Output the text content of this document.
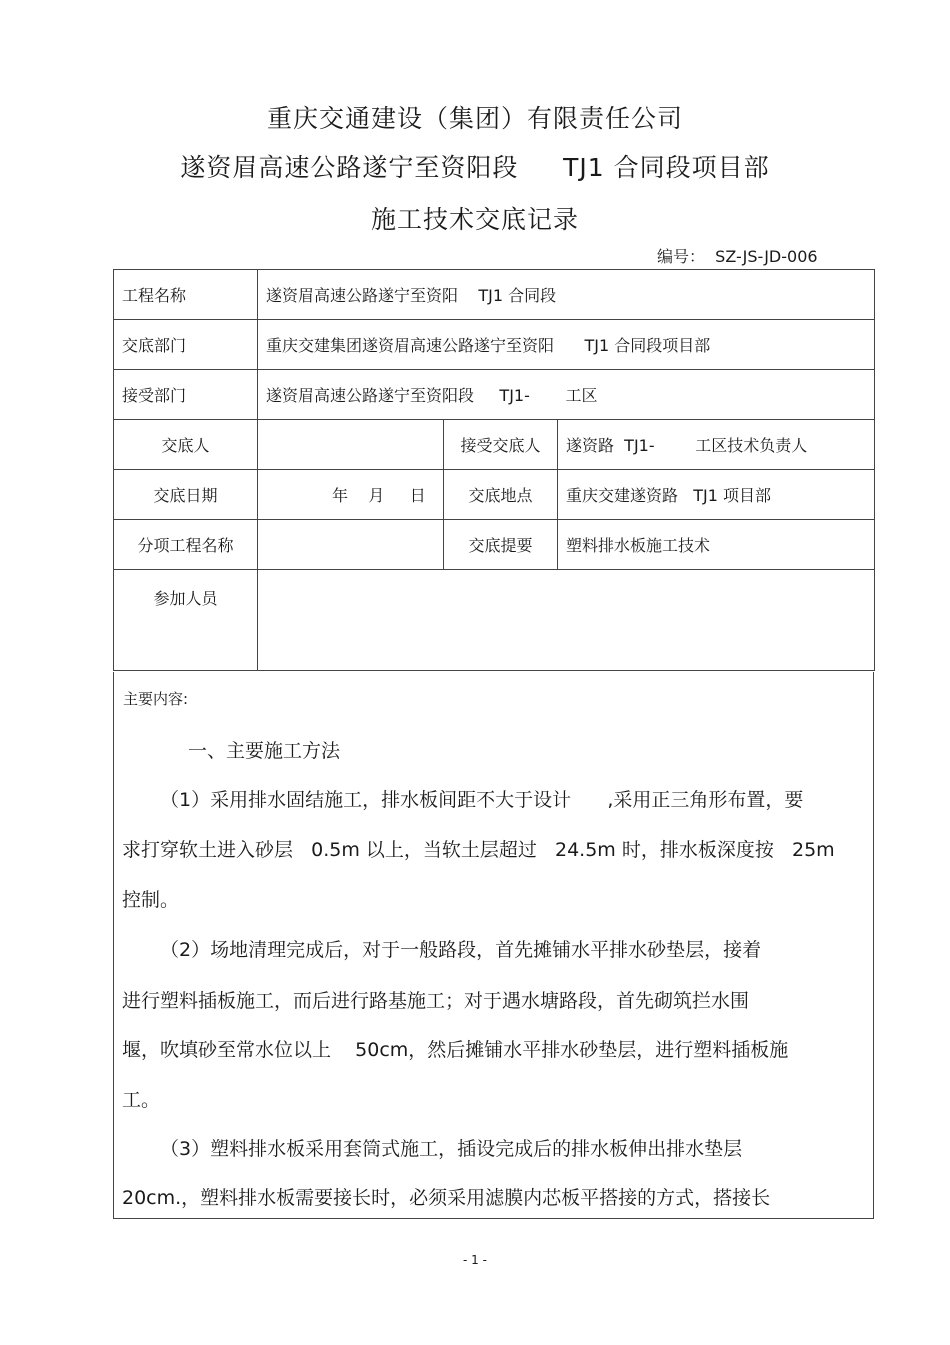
重庆交通建设（集团）有限责任公司
遂资眉高速公路遂宁至资阳段     TJ1 合同段项目部
施工技术交底记录
编号：  SZ-JS-JD-006
工程名称	遂资眉高速公路遂宁至资阳    TJ1 合同段		
交底部门	重庆交建集团遂资眉高速公路遂宁至资阳      TJ1 合同段项目部		
接受部门	遂资眉高速公路遂宁至资阳段     TJ1-       工区		
交底人		接受交底人	遂资路  TJ1-        工区技术负责人
交底日期	年    月     日	交底地点	重庆交建遂资路   TJ1 项目部
分项工程名称		交底提要	塑料排水板施工技术
参加人员			
主要内容:
一、主要施工方法
（1）采用排水固结施工，排水板间距不大于设计      ,采用正三角形布置，要
求打穿软土进入砂层   0.5m 以上，当软土层超过   24.5m 时，排水板深度按   25m
控制。
（2）场地清理完成后，对于一般路段，首先摊铺水平排水砂垫层，接着
进行塑料插板施工，而后进行路基施工；对于遇水塘路段，首先砌筑拦水围
堰，吹填砂至常水位以上    50cm，然后摊铺水平排水砂垫层，进行塑料插板施
工。
（3）塑料排水板采用套筒式施工，插设完成后的排水板伸出排水垫层
20cm.，塑料排水板需要接长时，必须采用滤膜内芯板平搭接的方式，搭接长
- 1 -
